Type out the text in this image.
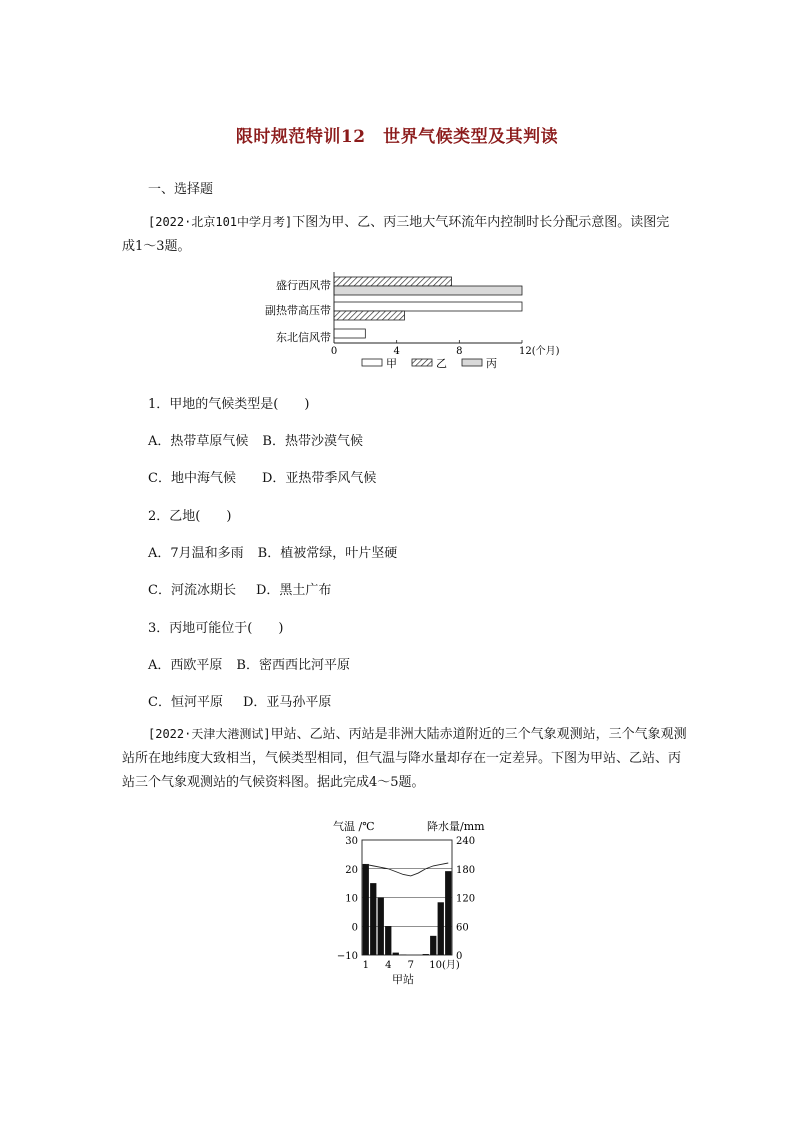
限时规范特训12　世界气候类型及其判读
一、选择题
[2022·北京101中学月考]下图为甲、乙、丙三地大气环流年内控制时长分配示意图。读图完成1～3题。
盛行西风带
副热带高压带
东北信风带
0	4	8	12(个月)
甲	乙	丙
1．甲地的气候类型是(　　)
A．热带草原气候 B．热带沙漠气候
C．地中海气候 D．亚热带季风气候
2．乙地(　　)
A．7月温和多雨 B．植被常绿，叶片坚硬
C．河流冰期长 D．黑土广布
3．丙地可能位于(　　)
A．西欧平原 B．密西西比河平原
C．恒河平原 D．亚马孙平原
[2022·天津大港测试]甲站、乙站、丙站是非洲大陆赤道附近的三个气象观测站，三个气象观测站所在地纬度大致相当，气候类型相同，但气温与降水量却存在一定差异。下图为甲站、乙站、丙站三个气象观测站的气候资料图。据此完成4～5题。
气温 /℃	降水量/mm
30
20
10
0
−10
240
180
120
60
0
1 4 7 10(月)
甲站
